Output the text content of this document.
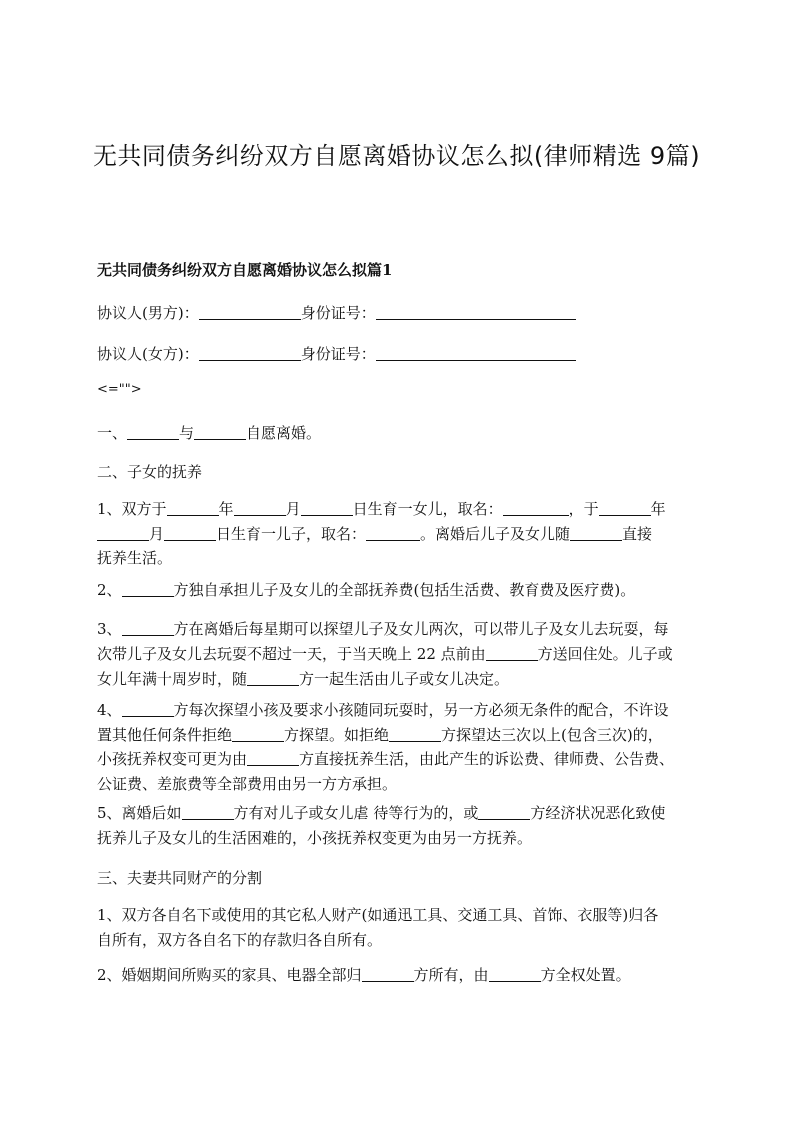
无共同债务纠纷双方自愿离婚协议怎么拟(律师精选 9篇)
无共同债务纠纷双方自愿离婚协议怎么拟篇1
协议人(男方)：	身份证号：
协议人(女方)：	身份证号：
<="">
一、	与	自愿离婚。
二、子女的抚养
1、双方于	年	月	日生育一女儿，取名：	，于	年
月	日生育一儿子，取名：	。离婚后儿子及女儿随	直接
抚养生活。
2、	方独自承担儿子及女儿的全部抚养费(包括生活费、教育费及医疗费)。
3、	方在离婚后每星期可以探望儿子及女儿两次，可以带儿子及女儿去玩耍，每
次带儿子及女儿去玩耍不超过一天，于当天晚上 22 点前由	方送回住处。儿子或
女儿年满十周岁时，随	方一起生活由儿子或女儿决定。
4、	方每次探望小孩及要求小孩随同玩耍时，另一方必须无条件的配合，不许设
置其他任何条件拒绝	方探望。如拒绝	方探望达三次以上(包含三次)的，
小孩抚养权变可更为由	方直接抚养生活，由此产生的诉讼费、律师费、公告费、
公证费、差旅费等全部费用由另一方方承担。
5、离婚后如	方有对儿子或女儿虐 待等行为的，或	方经济状况恶化致使
抚养儿子及女儿的生活困难的，小孩抚养权变更为由另一方抚养。
三、夫妻共同财产的分割
1、双方各自名下或使用的其它私人财产(如通迅工具、交通工具、首饰、衣服等)归各
自所有，双方各自名下的存款归各自所有。
2、婚姻期间所购买的家具、电器全部归	方所有，由	方全权处置。
